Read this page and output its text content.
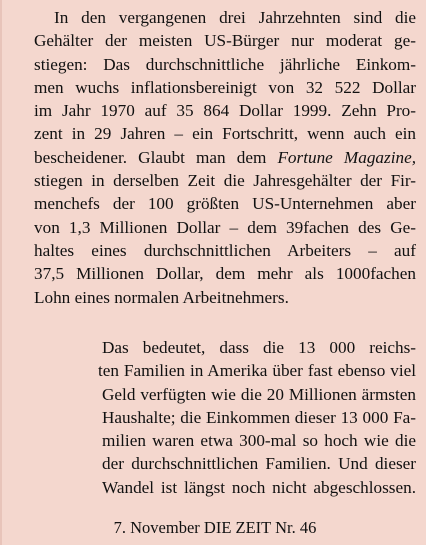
In den vergangenen drei Jahrzehnten sind die
Gehälter der meisten US-Bürger nur moderat ge-
stiegen: Das durchschnittliche jährliche Einkom-
men wuchs inflationsbereinigt von 32 522 Dollar
im Jahr 1970 auf 35 864 Dollar 1999. Zehn Pro-
zent in 29 Jahren – ein Fortschritt, wenn auch ein
bescheidener. Glaubt man dem Fortune Magazine,
stiegen in derselben Zeit die Jahresgehälter der Fir-
menchefs der 100 größten US-Unternehmen aber
von 1,3 Millionen Dollar – dem 39fachen des Ge-
haltes eines durchschnittlichen Arbeiters – auf
37,5 Millionen Dollar, dem mehr als 1000fachen
Lohn eines normalen Arbeitnehmers.
Das bedeutet, dass die 13 000 reichs-
ten Familien in Amerika über fast ebenso viel
Geld verfügten wie die 20 Millionen ärmsten
Haushalte; die Einkommen dieser 13 000 Fa-
milien waren etwa 300-mal so hoch wie die
der durchschnittlichen Familien. Und dieser
Wandel ist längst noch nicht abgeschlossen.
7. November DIE ZEIT Nr. 46
